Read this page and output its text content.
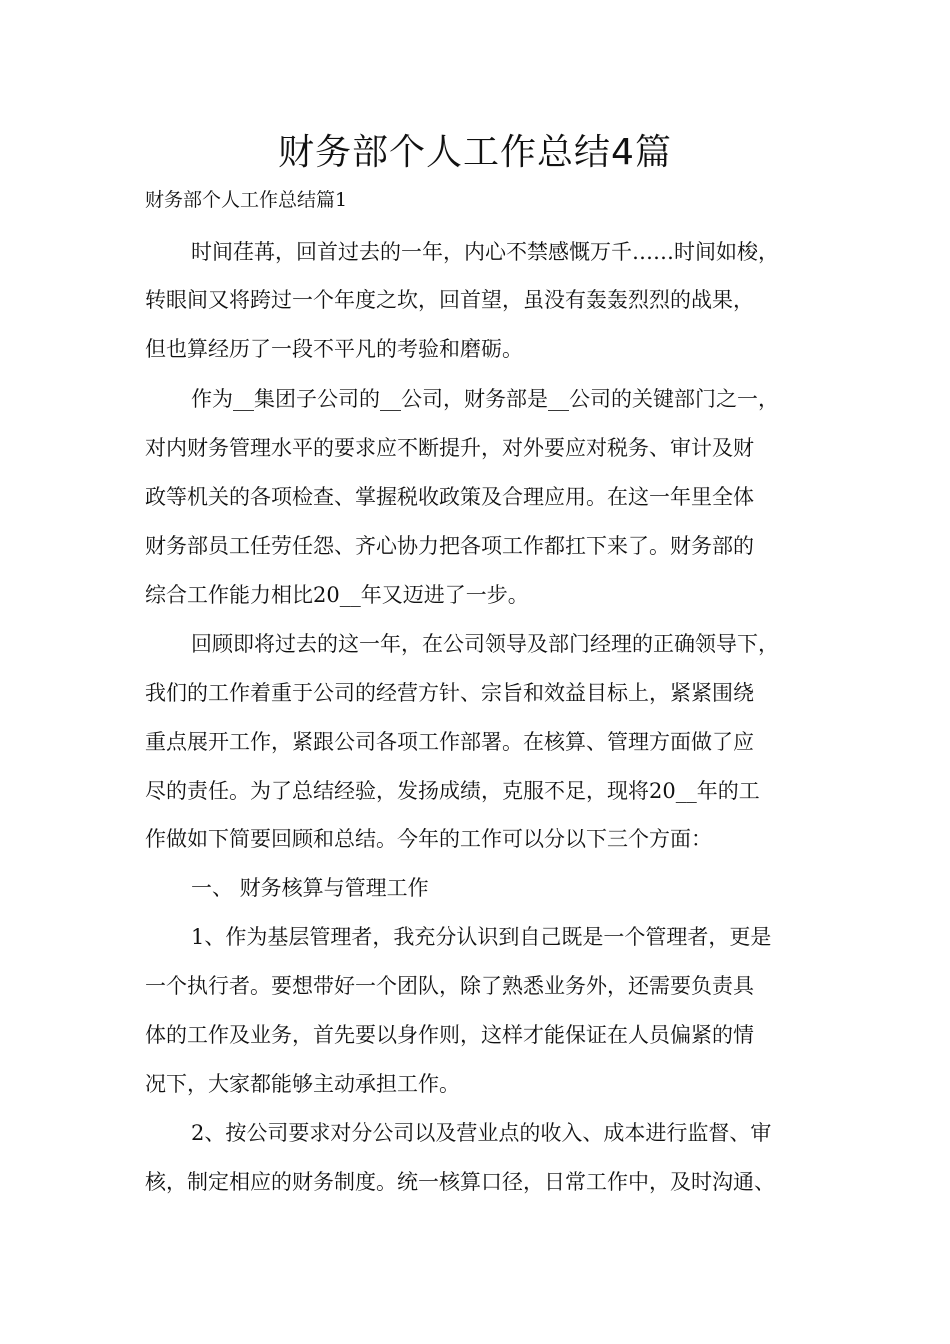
财务部个人工作总结4篇
财务部个人工作总结篇1
时间荏苒，回首过去的一年，内心不禁感慨万千……时间如梭，
转眼间又将跨过一个年度之坎，回首望，虽没有轰轰烈烈的战果，
但也算经历了一段不平凡的考验和磨砺。
作为__集团子公司的__公司，财务部是__公司的关键部门之一，
对内财务管理水平的要求应不断提升，对外要应对税务、审计及财
政等机关的各项检查、掌握税收政策及合理应用。在这一年里全体
财务部员工任劳任怨、齐心协力把各项工作都扛下来了。财务部的
综合工作能力相比20__年又迈进了一步。
回顾即将过去的这一年，在公司领导及部门经理的正确领导下，
我们的工作着重于公司的经营方针、宗旨和效益目标上，紧紧围绕
重点展开工作，紧跟公司各项工作部署。在核算、管理方面做了应
尽的责任。为了总结经验，发扬成绩，克服不足，现将20__年的工
作做如下简要回顾和总结。今年的工作可以分以下三个方面：
一、 财务核算与管理工作
1、作为基层管理者，我充分认识到自己既是一个管理者，更是
一个执行者。要想带好一个团队，除了熟悉业务外，还需要负责具
体的工作及业务，首先要以身作则，这样才能保证在人员偏紧的情
况下，大家都能够主动承担工作。
2、按公司要求对分公司以及营业点的收入、成本进行监督、审
核，制定相应的财务制度。统一核算口径，日常工作中，及时沟通、
